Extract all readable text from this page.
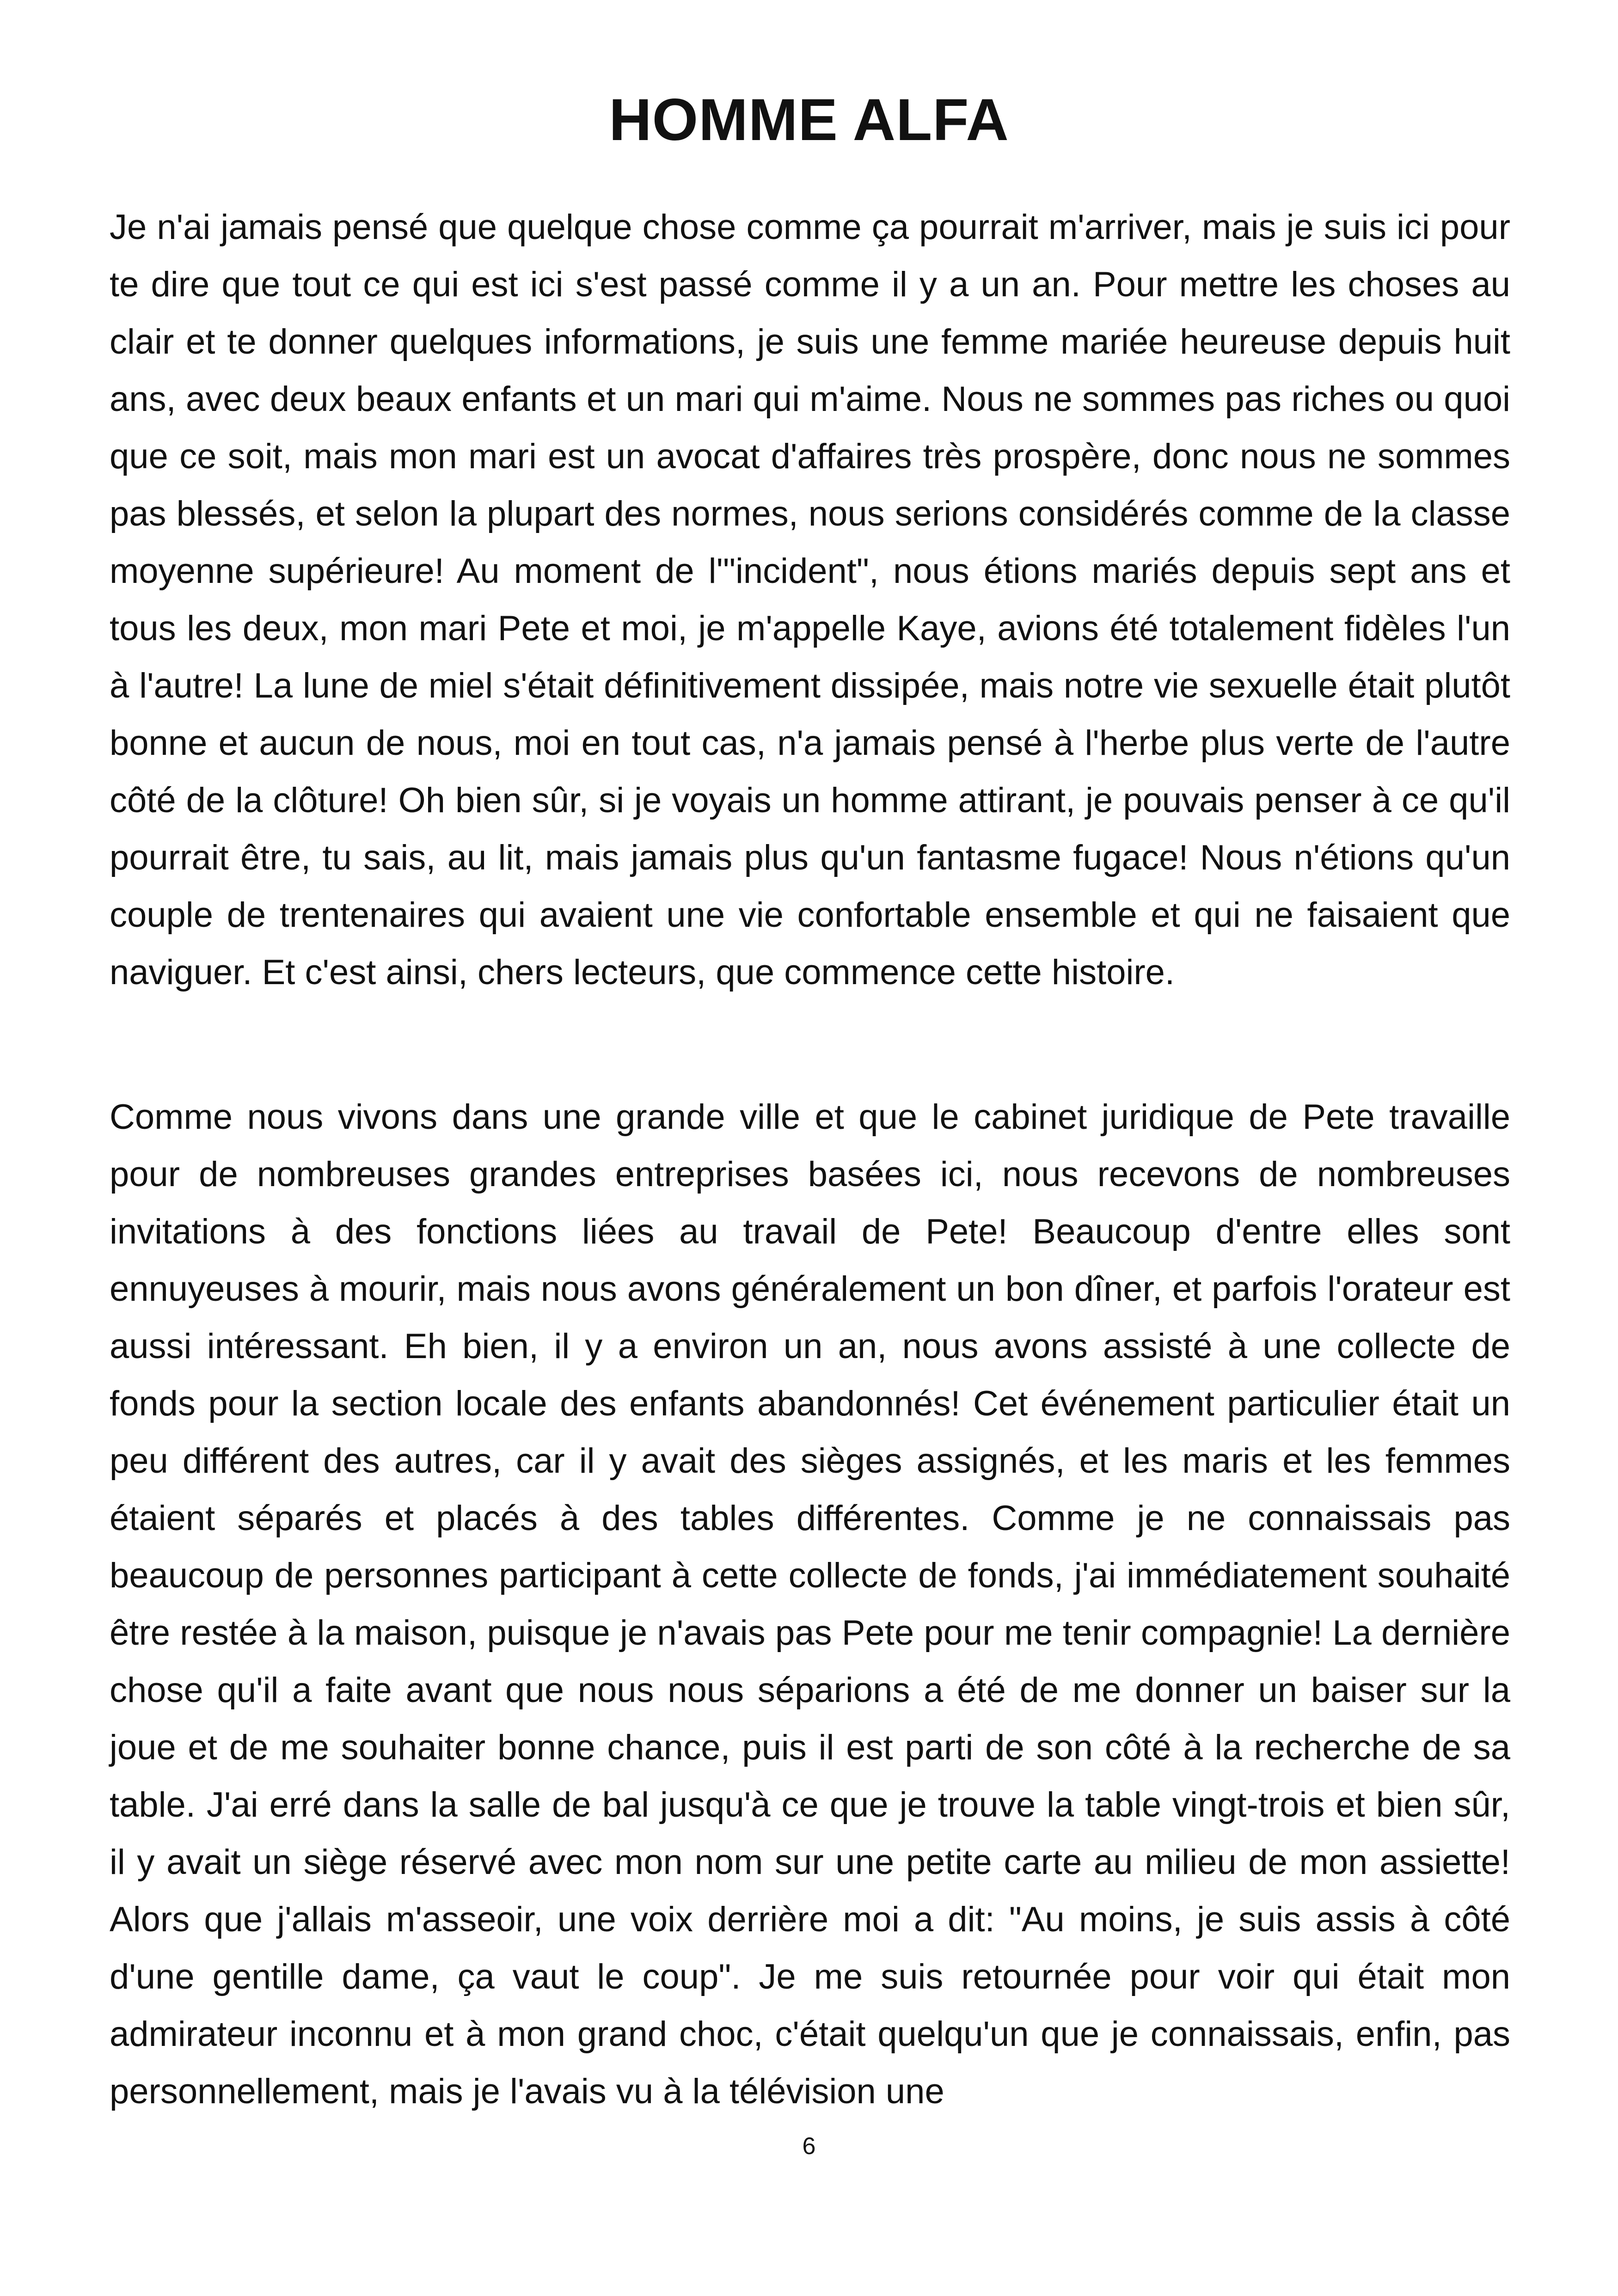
HOMME ALFA

Je n'ai jamais pensé que quelque chose comme ça pourrait m'arriver, mais je suis ici pour te dire que tout ce qui est ici s'est passé comme il y a un an. Pour mettre les choses au clair et te donner quelques informations, je suis une femme mariée heureuse depuis huit ans, avec deux beaux enfants et un mari qui m'aime. Nous ne sommes pas riches ou quoi que ce soit, mais mon mari est un avocat d'affaires très prospère, donc nous ne sommes pas blessés, et selon la plupart des normes, nous serions considérés comme de la classe moyenne supérieure! Au moment de l'"incident", nous étions mariés depuis sept ans et tous les deux, mon mari Pete et moi, je m'appelle Kaye, avions été totalement fidèles l'un à l'autre! La lune de miel s'était définitivement dissipée, mais notre vie sexuelle était plutôt bonne et aucun de nous, moi en tout cas, n'a jamais pensé à l'herbe plus verte de l'autre côté de la clôture! Oh bien sûr, si je voyais un homme attirant, je pouvais penser à ce qu'il pourrait être, tu sais, au lit, mais jamais plus qu'un fantasme fugace! Nous n'étions qu'un couple de trentenaires qui avaient une vie confortable ensemble et qui ne faisaient que naviguer. Et c'est ainsi, chers lecteurs, que commence cette histoire.

Comme nous vivons dans une grande ville et que le cabinet juridique de Pete travaille pour de nombreuses grandes entreprises basées ici, nous recevons de nombreuses invitations à des fonctions liées au travail de Pete! Beaucoup d'entre elles sont ennuyeuses à mourir, mais nous avons généralement un bon dîner, et parfois l'orateur est aussi intéressant. Eh bien, il y a environ un an, nous avons assisté à une collecte de fonds pour la section locale des enfants abandonnés! Cet événement particulier était un peu différent des autres, car il y avait des sièges assignés, et les maris et les femmes étaient séparés et placés à des tables différentes. Comme je ne connaissais pas beaucoup de personnes participant à cette collecte de fonds, j'ai immédiatement souhaité être restée à la maison, puisque je n'avais pas Pete pour me tenir compagnie! La dernière chose qu'il a faite avant que nous nous séparions a été de me donner un baiser sur la joue et de me souhaiter bonne chance, puis il est parti de son côté à la recherche de sa table. J'ai erré dans la salle de bal jusqu'à ce que je trouve la table vingt-trois et bien sûr, il y avait un siège réservé avec mon nom sur une petite carte au milieu de mon assiette! Alors que j'allais m'asseoir, une voix derrière moi a dit: "Au moins, je suis assis à côté d'une gentille dame, ça vaut le coup". Je me suis retournée pour voir qui était mon admirateur inconnu et à mon grand choc, c'était quelqu'un que je connaissais, enfin, pas personnellement, mais je l'avais vu à la télévision une

6
